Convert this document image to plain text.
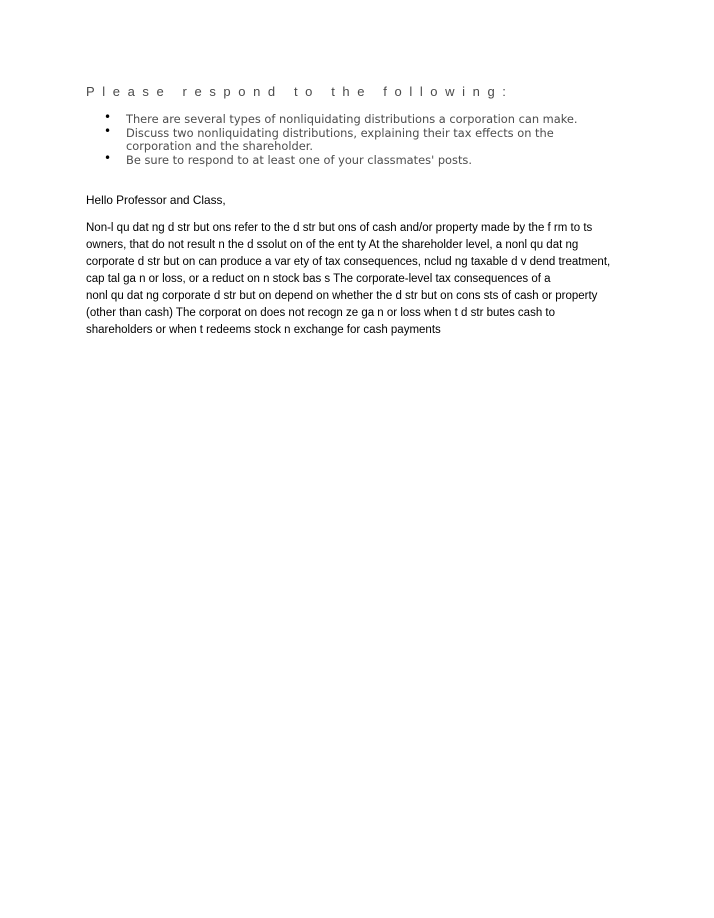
Please respond to the following:
• There are several types of nonliquidating distributions a corporation can make.
• Discuss two nonliquidating distributions, explaining their tax effects on the corporation and the shareholder.
• Be sure to respond to at least one of your classmates' posts.

Hello Professor and Class,

Non-l qu dat ng d str but ons refer to the d str but ons of cash and/or property made by the f rm to ts
owners, that do not result n the d ssolut on of the ent ty At the shareholder level, a nonl qu dat ng
corporate d str but on can produce a var ety of tax consequences, nclud ng taxable d v dend treatment,
cap tal ga n or loss, or a reduct on n stock bas s The corporate-level tax consequences of a
nonl qu dat ng corporate d str but on depend on whether the d str but on cons sts of cash or property
(other than cash) The corporat on does not recogn ze ga n or loss when t d str butes cash to
shareholders or when t redeems stock n exchange for cash payments
